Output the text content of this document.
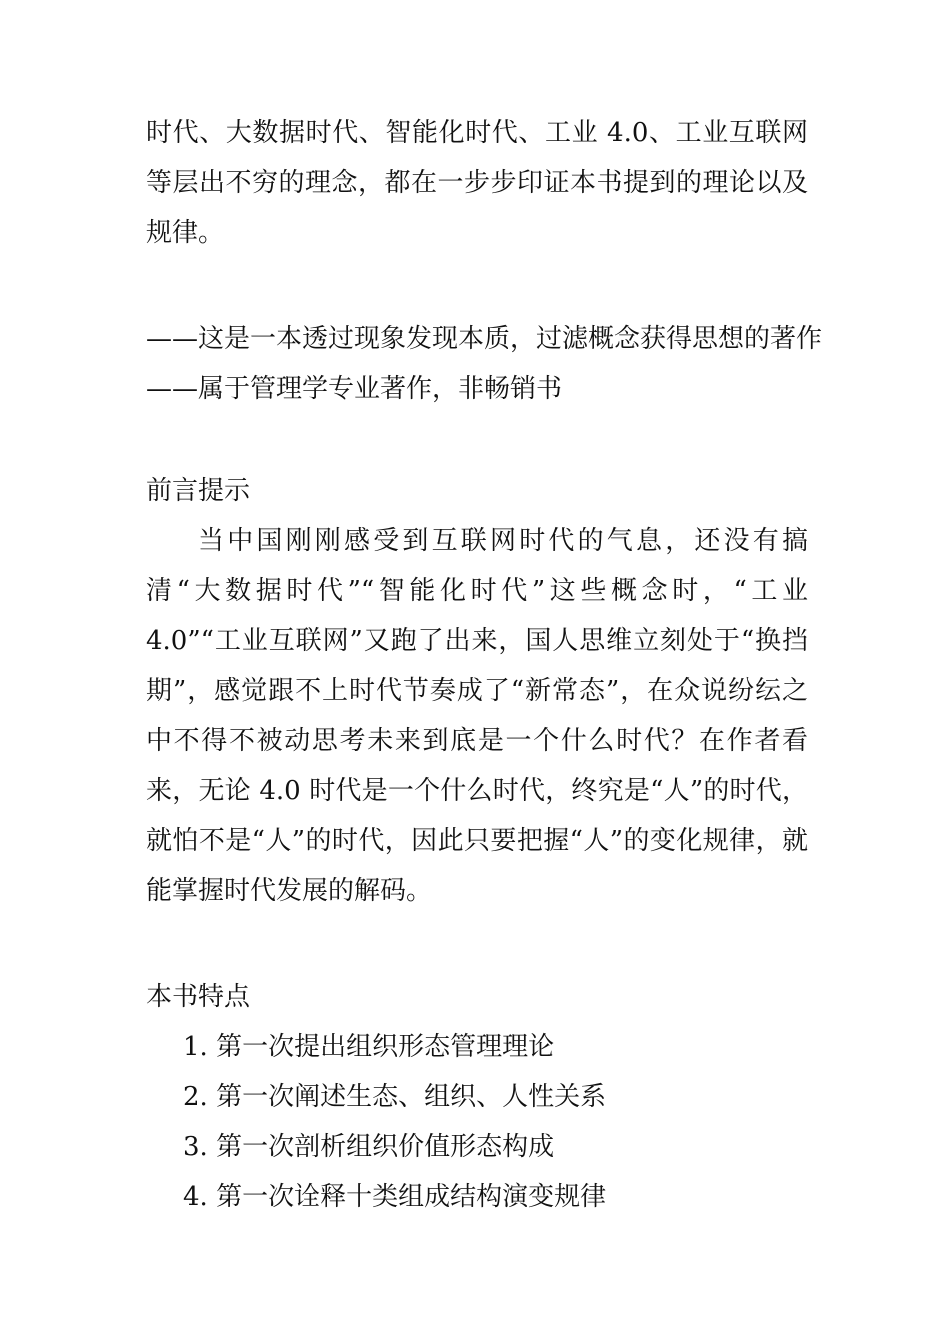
时代、大数据时代、智能化时代、工业 4.0、工业互联网等层出不穷的理念，都在一步步印证本书提到的理论以及规律。

——这是一本透过现象发现本质，过滤概念获得思想的著作

——属于管理学专业著作，非畅销书

前言提示

当中国刚刚感受到互联网时代的气息，还没有搞清“大数据时代”“智能化时代”这些概念时，“工业 4.0”“工业互联网”又跑了出来，国人思维立刻处于“换挡期”，感觉跟不上时代节奏成了“新常态”，在众说纷纭之中不得不被动思考未来到底是一个什么时代？在作者看来，无论 4.0 时代是一个什么时代，终究是“人”的时代，就怕不是“人”的时代，因此只要把握“人”的变化规律，就能掌握时代发展的解码。

本书特点

1. 第一次提出组织形态管理理论
2. 第一次阐述生态、组织、人性关系
3. 第一次剖析组织价值形态构成
4. 第一次诠释十类组成结构演变规律
